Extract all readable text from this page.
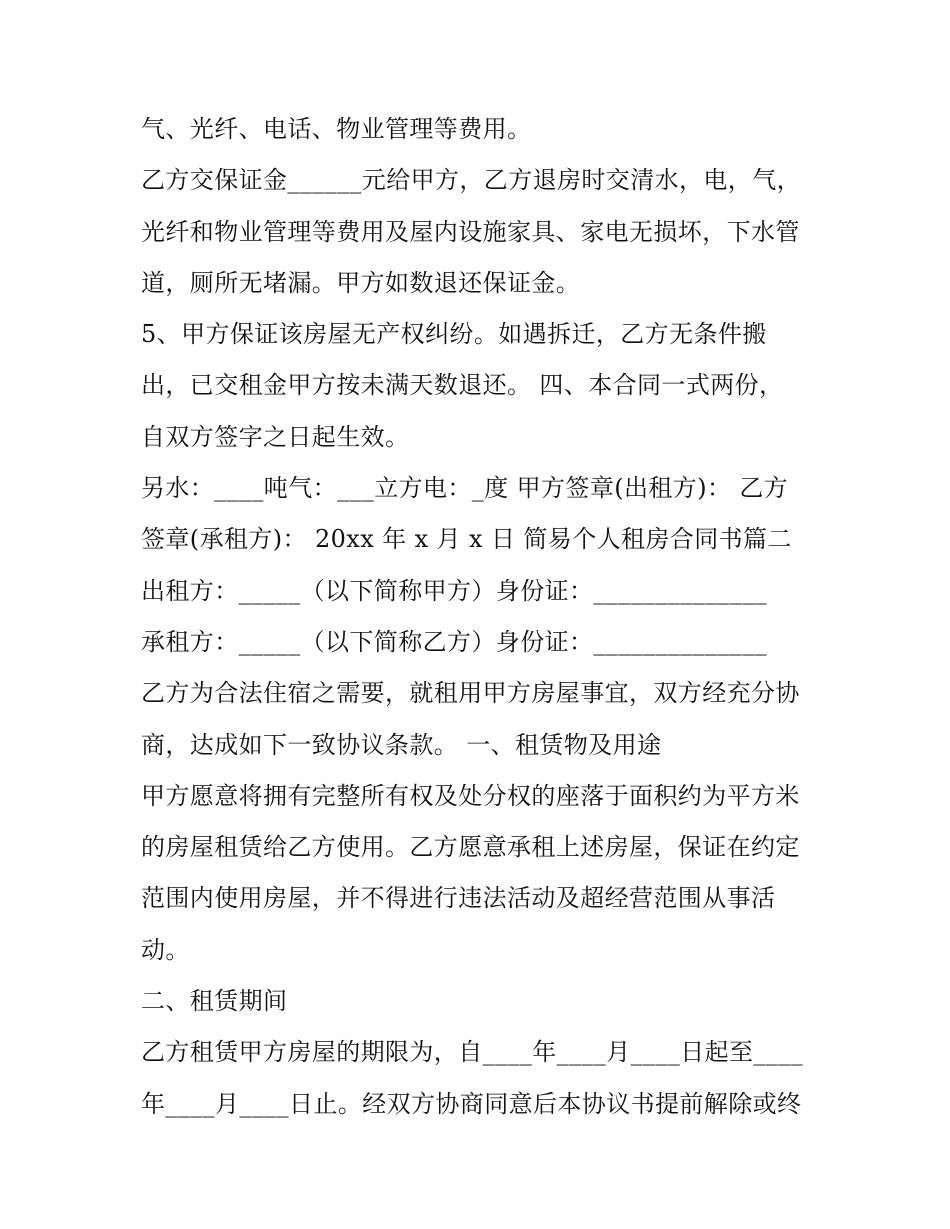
气、光纤、电话、物业管理等费用。
乙方交保证金______元给甲方，乙方退房时交清水，电，气，
光纤和物业管理等费用及屋内设施家具、家电无损坏，下水管
道，厕所无堵漏。甲方如数退还保证金。
5、甲方保证该房屋无产权纠纷。如遇拆迁，乙方无条件搬
出，已交租金甲方按未满天数退还。 四、本合同一式两份，
自双方签字之日起生效。
另水：____吨气：___立方电：_度 甲方签章(出租方)： 乙方
签章(承租方)： 20xx 年 x 月 x 日 简易个人租房合同书篇二
出租方：_____（以下简称甲方）身份证：______________
承租方：_____（以下简称乙方）身份证：______________
乙方为合法住宿之需要，就租用甲方房屋事宜，双方经充分协
商，达成如下一致协议条款。 一、租赁物及用途
甲方愿意将拥有完整所有权及处分权的座落于面积约为平方米
的房屋租赁给乙方使用。乙方愿意承租上述房屋，保证在约定
范围内使用房屋，并不得进行违法活动及超经营范围从事活
动。
二、租赁期间
乙方租赁甲方房屋的期限为，自____年____月____日起至____
年____月____日止。经双方协商同意后本协议书提前解除或终
